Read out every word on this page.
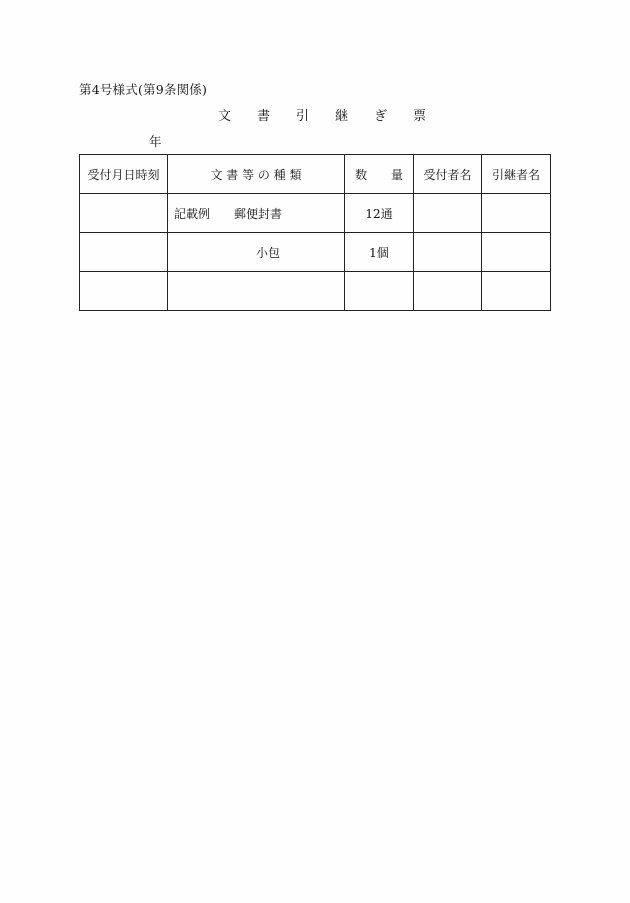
第4号様式(第9条関係)
文　　書　　引　　継　　ぎ　　票
年
受付月日時刻	文 書 等 の 種 類	数　　量	受付者名	引継者名
	記載例　　郵便封書	12通		
	小包	1個		
